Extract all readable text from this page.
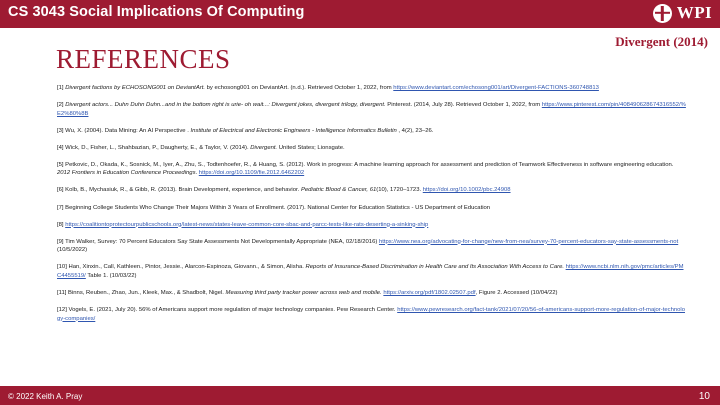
CS 3043 Social Implications Of Computing	WPI
Divergent (2014)
REFERENCES
[1] Divergent factions by ECHOSONG001 on DeviantArt. by echosong001 on DeviantArt. (n.d.). Retrieved October 1, 2022, from https://www.deviantart.com/echosong001/art/Divergent-FACTIONS-360748813
[2] Divergent actors... Duhn Duhn Duhn...and in the bottom right is urie- oh wait...: Divergent jokes, divergent trilogy, divergent. Pinterest. (2014, July 28). Retrieved October 1, 2022, from https://www.pinterest.com/pin/408490628674316552/%E2%80%8B
[3] Wu, X. (2004). Data Mining: An AI Perspective . Institute of Electrical and Electronic Engineers - Intelligence Informatics Bulletin , 4(2), 23–26.
[4] Wick, D., Fisher, L., Shahbazian, P., Daugherty, E., & Taylor, V. (2014). Divergent. United States; Lionsgate.
[5] Petkovic, D., Okada, K., Sosnick, M., Iyer, A., Zhu, S., Todtenhoefer, R., & Huang, S. (2012). Work in progress: A machine learning approach for assessment and prediction of Teamwork Effectiveness in software engineering education. 2012 Frontiers in Education Conference Proceedings. https://doi.org/10.1109/fie.2012.6462202
[6] Kolb, B., Mychasiuk, R., & Gibb, R. (2013). Brain Development, experience, and behavior. Pediatric Blood & Cancer, 61(10), 1720–1723. https://doi.org/10.1002/pbc.24908
[7] Beginning College Students Who Change Their Majors Within 3 Years of Enrollment. (2017). National Center for Education Statistics - US Department of Education
[8] https://coalitiontoprotectourpublicschools.org/latest-news/states-leave-common-core-sbac-and-parcc-tests-like-rats-deserting-a-sinking-ship
[9] Tim Walker, Survey: 70 Percent Educators Say State Assessments Not Developmentally Appropriate (NEA, 02/18/2016) https://www.nea.org/advocating-for-change/new-from-nea/survey-70-percent-educators-say-state-assessments-not (10/5/2022)
[10] Han, Xinxin., Call, Kathleen., Pintor, Jessie., Alarcon-Espinoza, Giovann., & Simon, Alisha. Reports of Insurance-Based Discrimination in Health Care and Its Association With Access to Care. https://www.ncbi.nlm.nih.gov/pmc/articles/PMC4455519/ Table 1. (10/03/22)
[11] Binns, Reuben., Zhao, Jun., Kleek, Max., & Shadbolt, Nigel. Measuring third party tracker power across web and mobile. https://arxiv.org/pdf/1802.02507.pdf, Figure 2. Accessed (10/04/22)
[12] Vogels, E. (2021, July 20). 56% of Americans support more regulation of major technology companies. Pew Research Center. https://www.pewresearch.org/fact-tank/2021/07/20/56-of-americans-support-more-regulation-of-major-technology-companies/
© 2022 Keith A. Pray	10
